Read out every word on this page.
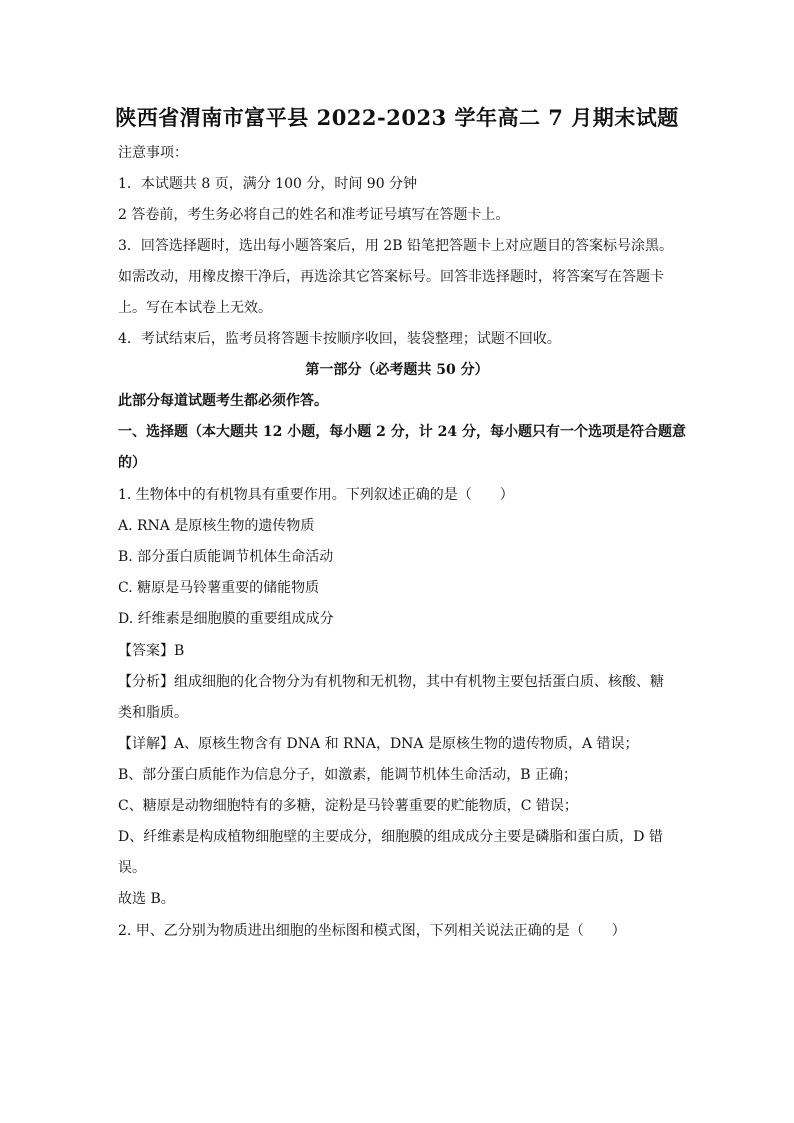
陕西省渭南市富平县 2022-2023 学年高二 7 月期末试题
注意事项：
1．本试题共 8 页，满分 100 分，时间 90 分钟
2 答卷前，考生务必将自己的姓名和准考证号填写在答题卡上。
3．回答选择题时，选出每小题答案后，用 2B 铅笔把答题卡上对应题目的答案标号涂黑。
如需改动，用橡皮擦干净后，再选涂其它答案标号。回答非选择题时，将答案写在答题卡
上。写在本试卷上无效。
4．考试结束后，监考员将答题卡按顺序收回，装袋整理；试题不回收。
第一部分（必考题共 50 分）
此部分每道试题考生都必须作答。
一、选择题（本大题共 12 小题，每小题 2 分，计 24 分，每小题只有一个选项是符合题意
的）
1. 生物体中的有机物具有重要作用。下列叙述正确的是（　　）
A. RNA 是原核生物的遗传物质
B. 部分蛋白质能调节机体生命活动
C. 糖原是马铃薯重要的储能物质
D. 纤维素是细胞膜的重要组成成分
【答案】B
【分析】组成细胞的化合物分为有机物和无机物，其中有机物主要包括蛋白质、核酸、糖
类和脂质。
【详解】A、原核生物含有 DNA 和 RNA，DNA 是原核生物的遗传物质，A 错误；
B、部分蛋白质能作为信息分子，如激素，能调节机体生命活动，B 正确；
C、糖原是动物细胞特有的多糖，淀粉是马铃薯重要的贮能物质，C 错误；
D、纤维素是构成植物细胞壁的主要成分，细胞膜的组成成分主要是磷脂和蛋白质，D 错
误。
故选 B。
2. 甲、乙分别为物质进出细胞的坐标图和模式图，下列相关说法正确的是（　　）
